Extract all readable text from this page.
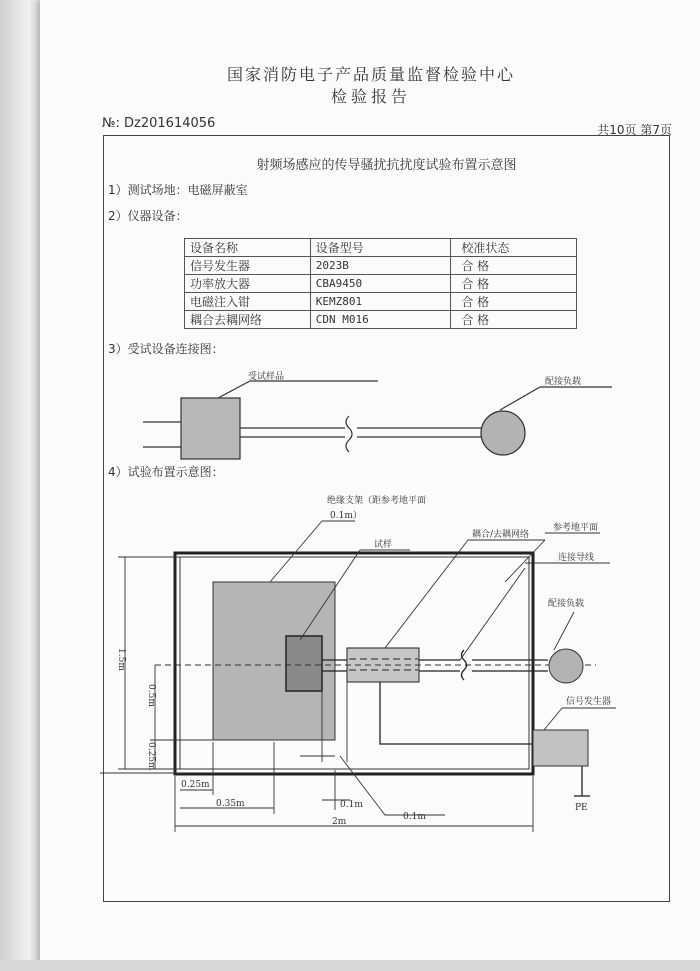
国家消防电子产品质量监督检验中心
检验报告
№: Dz201614056	共10页 第7页
射频场感应的传导骚扰抗扰度试验布置示意图
1）测试场地：电磁屏蔽室
2）仪器设备：
设备名称	设备型号	校准状态
信号发生器	2023B	合 格
功率放大器	CBA9450	合 格
电磁注入钳	KEMZ801	合 格
耦合去耦网络	CDN M016	合 格
3）受试设备连接图：
4）试验布置示意图：
受试样品	配接负载
绝缘支架（距参考地平面
0.1m）
试样
耦合/去耦网络
参考地平面
连接导线
配接负载
信号发生器
PE
1.5m
0.5m
0.25m
0.25m
0.35m	0.1m
0.1m
2m
